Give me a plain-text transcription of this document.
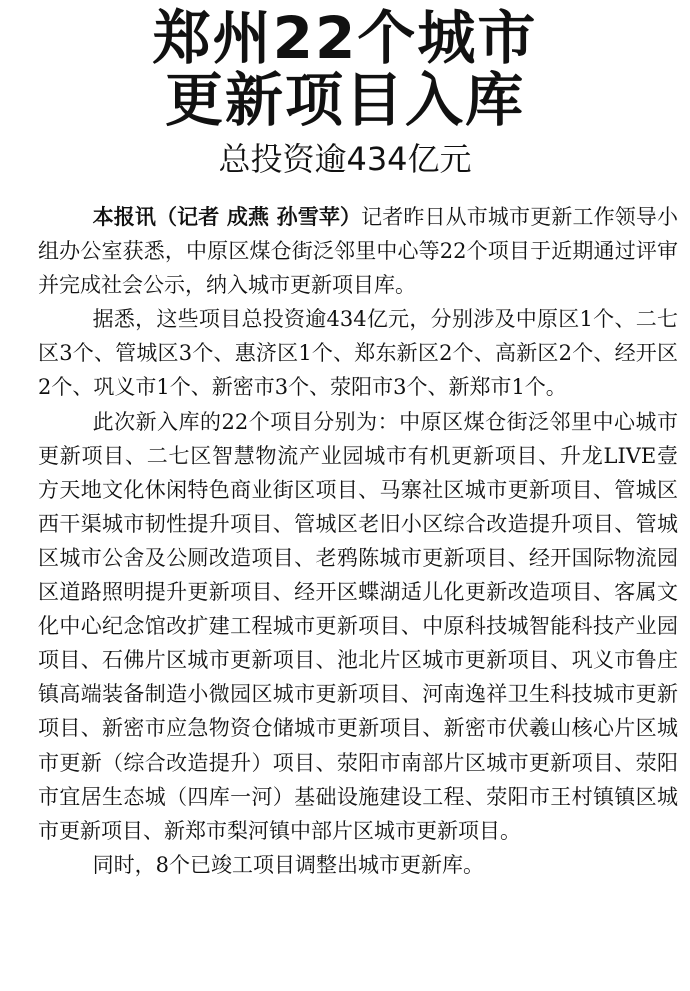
郑州22个城市
更新项目入库
总投资逾434亿元

本报讯（记者 成燕 孙雪苹）记者昨日从市城市更新工作领导小组办公室获悉，中原区煤仓街泛邻里中心等22个项目于近期通过评审并完成社会公示，纳入城市更新项目库。

据悉，这些项目总投资逾434亿元，分别涉及中原区1个、二七区3个、管城区3个、惠济区1个、郑东新区2个、高新区2个、经开区2个、巩义市1个、新密市3个、荥阳市3个、新郑市1个。

此次新入库的22个项目分别为：中原区煤仓街泛邻里中心城市更新项目、二七区智慧物流产业园城市有机更新项目、升龙LIVE壹方天地文化休闲特色商业街区项目、马寨社区城市更新项目、管城区西干渠城市韧性提升项目、管城区老旧小区综合改造提升项目、管城区城市公舍及公厕改造项目、老鸦陈城市更新项目、经开国际物流园区道路照明提升更新项目、经开区蝶湖适儿化更新改造项目、客属文化中心纪念馆改扩建工程城市更新项目、中原科技城智能科技产业园项目、石佛片区城市更新项目、池北片区城市更新项目、巩义市鲁庄镇高端装备制造小微园区城市更新项目、河南逸祥卫生科技城市更新项目、新密市应急物资仓储城市更新项目、新密市伏羲山核心片区城市更新（综合改造提升）项目、荥阳市南部片区城市更新项目、荥阳市宜居生态城（四库一河）基础设施建设工程、荥阳市王村镇镇区城市更新项目、新郑市梨河镇中部片区城市更新项目。

同时，8个已竣工项目调整出城市更新库。
